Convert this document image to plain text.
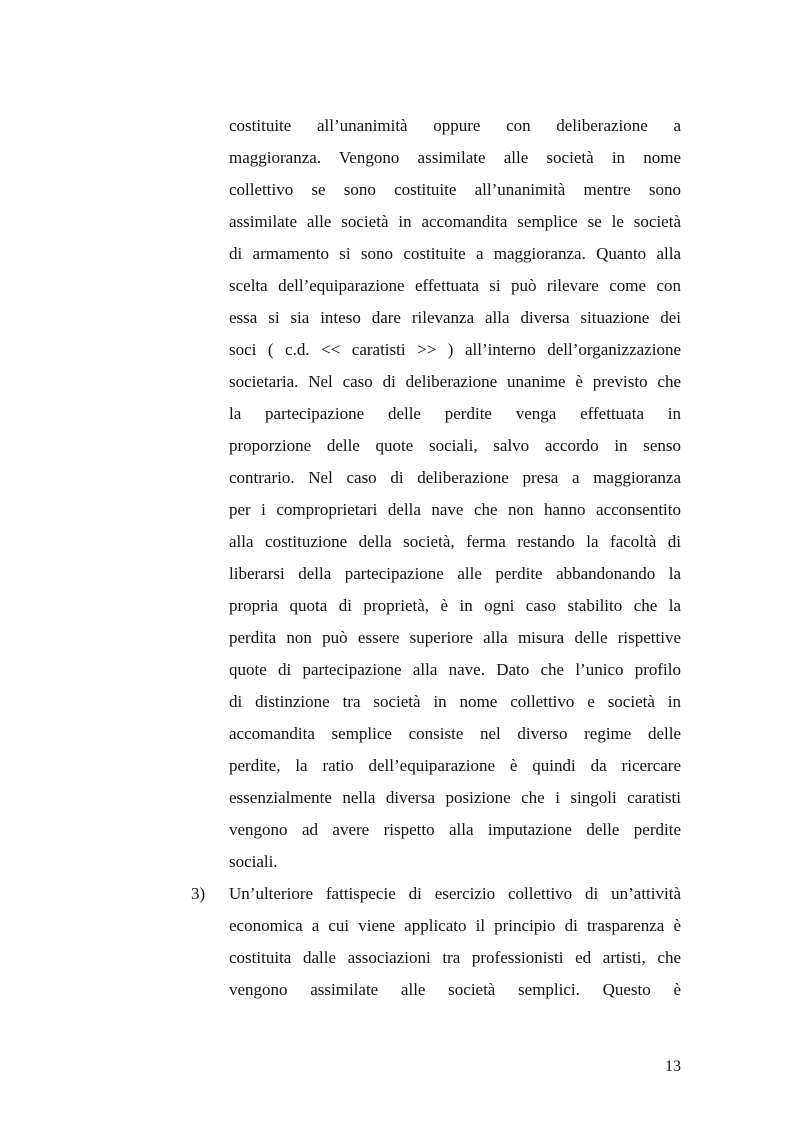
costituite all’unanimità oppure con deliberazione a
maggioranza. Vengono assimilate alle società in nome
collettivo se sono costituite all’unanimità mentre sono
assimilate alle società in accomandita semplice se le società
di armamento si sono costituite a maggioranza. Quanto alla
scelta dell’equiparazione effettuata si può rilevare come con
essa si sia inteso dare rilevanza alla diversa situazione dei
soci ( c.d. << caratisti >> ) all’interno dell’organizzazione
societaria. Nel caso di deliberazione unanime è previsto che
la partecipazione delle perdite venga effettuata in
proporzione delle quote sociali, salvo accordo in senso
contrario. Nel caso di deliberazione presa a maggioranza
per i comproprietari della nave che non hanno acconsentito
alla costituzione della società, ferma restando la facoltà di
liberarsi della partecipazione alle perdite abbandonando la
propria quota di proprietà, è in ogni caso stabilito che la
perdita non può essere superiore alla misura delle rispettive
quote di partecipazione alla nave. Dato che l’unico profilo
di distinzione tra società in nome collettivo e società in
accomandita semplice consiste nel diverso regime delle
perdite, la ratio dell’equiparazione è quindi da ricercare
essenzialmente nella diversa posizione che i singoli caratisti
vengono ad avere rispetto alla imputazione delle perdite
sociali.
3) Un’ulteriore fattispecie di esercizio collettivo di un’attività
economica a cui viene applicato il principio di trasparenza è
costituita dalle associazioni tra professionisti ed artisti, che
vengono assimilate alle società semplici. Questo è
13
